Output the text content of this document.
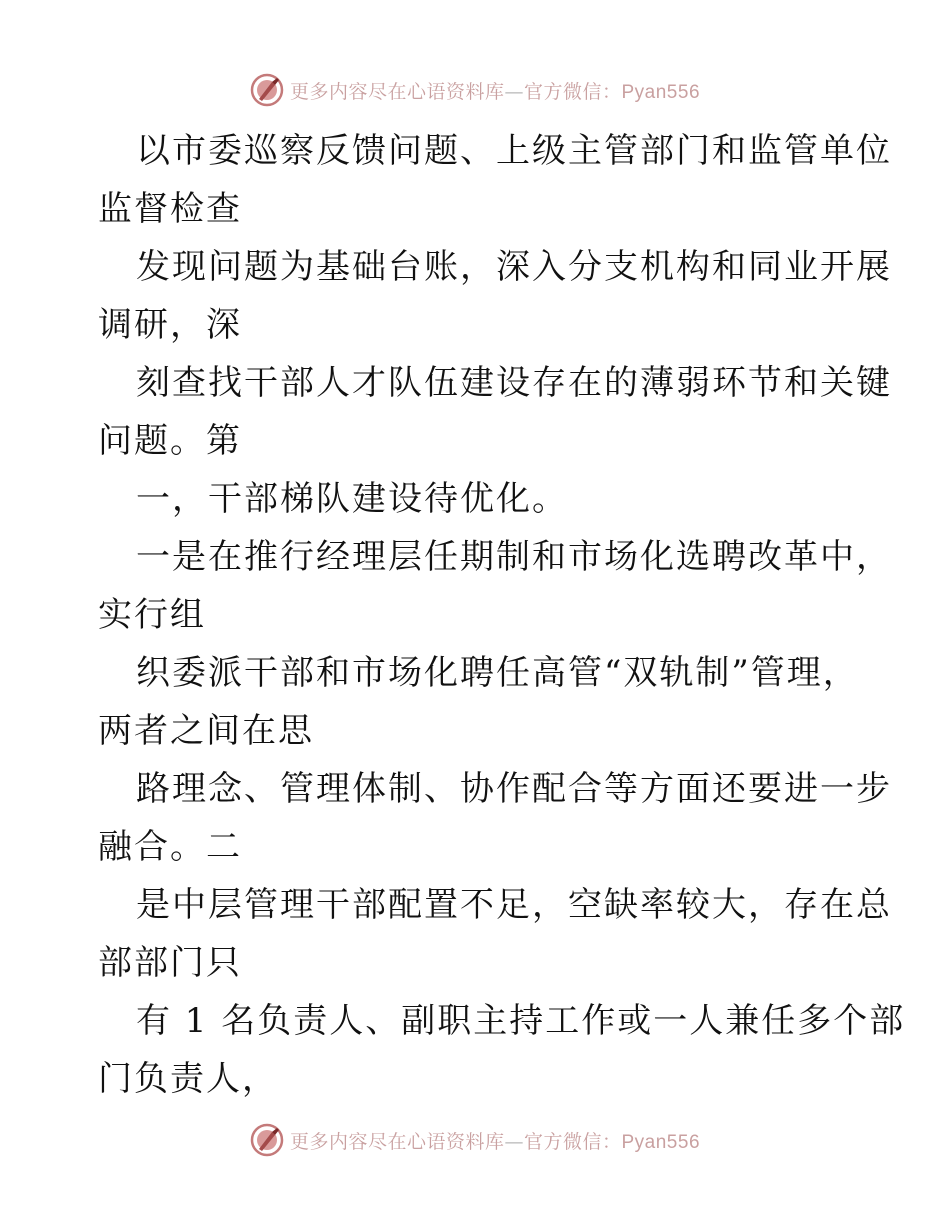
更多内容尽在心语资料库—官方微信：Pyan556

以市委巡察反馈问题、上级主管部门和监管单位
监督检查

发现问题为基础台账，深入分支机构和同业开展
调研，深

刻查找干部人才队伍建设存在的薄弱环节和关键
问题。第

一，干部梯队建设待优化。

一是在推行经理层任期制和市场化选聘改革中，
实行组

织委派干部和市场化聘任高管“双轨制”管理，
两者之间在思

路理念、管理体制、协作配合等方面还要进一步
融合。二

是中层管理干部配置不足，空缺率较大，存在总
部部门只

有 1 名负责人、副职主持工作或一人兼任多个部
门负责人，

更多内容尽在心语资料库—官方微信：Pyan556
